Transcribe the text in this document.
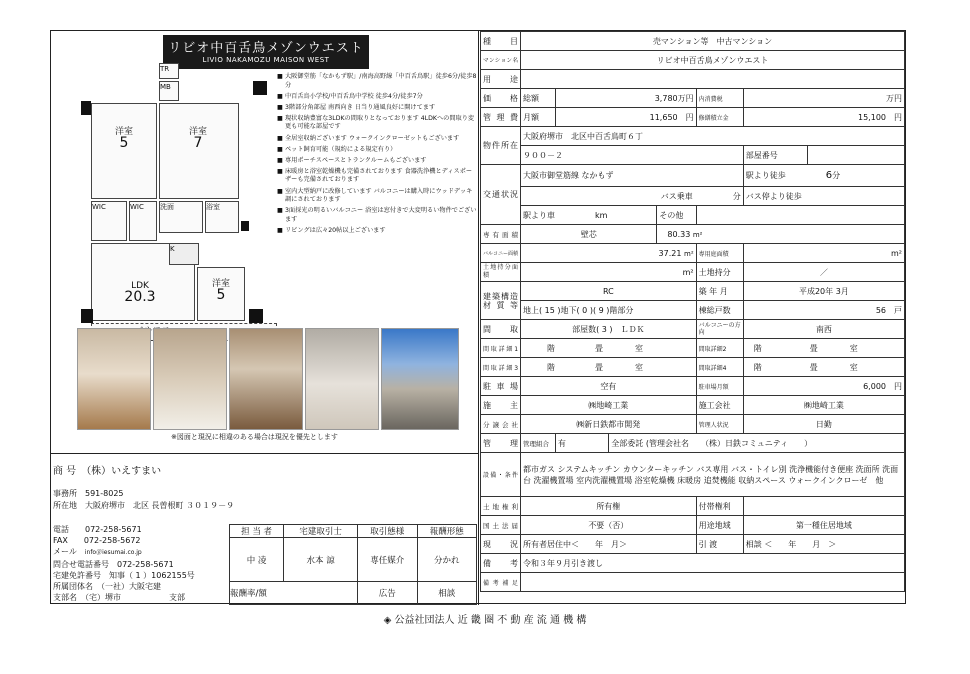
リビオ中百舌鳥メゾンウエスト
LIVIO NAKAMOZU MAISON WEST
洋室
5
洋室
7
MB
TR
WIC	WIC	洗面	浴室
LDK
20.3
K
洋室
5
■ 大阪御堂筋「なかもず駅」/南海高野線「中百舌鳥駅」徒歩6分/徒歩8分
■ 中百舌鳥小学校/中百舌鳥中学校 徒歩4分/徒歩7分
■ 3階部分角部屋 南西向き 日当り通風良好に開けてます
■ 現状収納豊富な3LDKの間取りとなっております 4LDKへの間取り変更も可能な部屋です
■ 全居室収納ございます ウォークインクローゼットもございます
■ ペット飼育可能（規約による規定有り）
■ 専用ポーチスペースとトランクルームもございます
■ 床暖房と浴室乾燥機も完備されております 食器洗浄機とディスポーザーも完備されております
■ 室内大型納戸に改修しています バルコニーは購入時にウッドデッキ調にされております
■ 3面採光の明るいバルコニー 浴室は窓付きで大変明るい物件でございます
■ リビングは広々20帖以上ございます
※図面と現況に相違のある場合は現況を優先とします
商 号　 （株）いえすまい
事務所　 591-8025
所在地　 大阪府堺市　北区 長曽根町 ３０１９－９
電話　　 072-258-5671
FAX　　 072-258-5672
メール　 info＠iesumai.co.jp
問合せ電話番号　 072-258-5671
宅建免許番号　 知事（ 1 ）1062155号
所属団体名　 （一社）大阪宅建
支部名　 （宅）堺市　　　　　　	支部
担 当 者	宅建取引士	取引態様	報酬形態
中 凌	水本 諒	専任媒介	分かれ
報酬率/額		広告	相談
種 目	売マンション等　中古マンション						
マンション名	リビオ中百舌鳥メゾンウエスト						
用 途							
価 格	総額	3,780万円			内消費税	万円	
管理費	月額	11,650　 円			修繕積立金	15,100　 円	
物件所在	大阪府堺市　北区中百舌鳥町６丁						
	９００－２					部屋番号	
交通状況	大阪市御堂筋線 なかもず					駅より徒歩　　　　　 6分	
	バス乗車　　　　　 分					バス停より徒歩	
	駅より車　　　　　 km			その他			
専有面積	壁芯	　		80.33 m²			
バルコニー面積	37.21 m²				専用庭面積	m²	
土地持分面積	m²				土地持分	／	
建築構造材質等	RC				築 年 月	平成20年 3月	
	地上( 15 )地下( 0 )( 9 )階部分				棟総戸数	56　 戸	
間 取	部屋数( 3 )　ＬＤＫ				バルコニーの方向	南西	
間取詳細1	　　　階　　　　　 畳　　　　 室				間取詳細2	　階　　　　　　 畳　　　　 室	
間取詳細3	　　　階　　　　　 畳　　　　 室				間取詳細4	　階　　　　　　 畳　　　　 室	
駐 車 場	空有				駐車場月額	6,000　 円	
施 主	㈱地崎工業				施工会社	㈱地崎工業	
分譲会社	㈱新日鉄都市開発				管理人状況	日勤	
管 理	管理組合	有	全部委託 (管理会社名　　（株）日鉄コミュニティ　　）				
設備・条件	都市ガス システムキッチン カウンターキッチン バス専用 バス・トイレ別 洗浄機能付き便座 洗面所 洗面台 洗濯機置場 室内洗濯機置場 浴室乾燥機 床暖房 追焚機能 収納スペース ウォークインクローゼ　他						
土地権利	所有権				付帯権利		
国土法届	不要（否）				用途地域	第一種住居地域	
現 況	所有者居住中＜　　年　月＞				引 渡	相談 ＜　　年　　月　＞	
備 考	令和３年９月引き渡し						
備考補足							
◈ 公益社団法人 近 畿 圏 不 動 産 流 通 機 構
